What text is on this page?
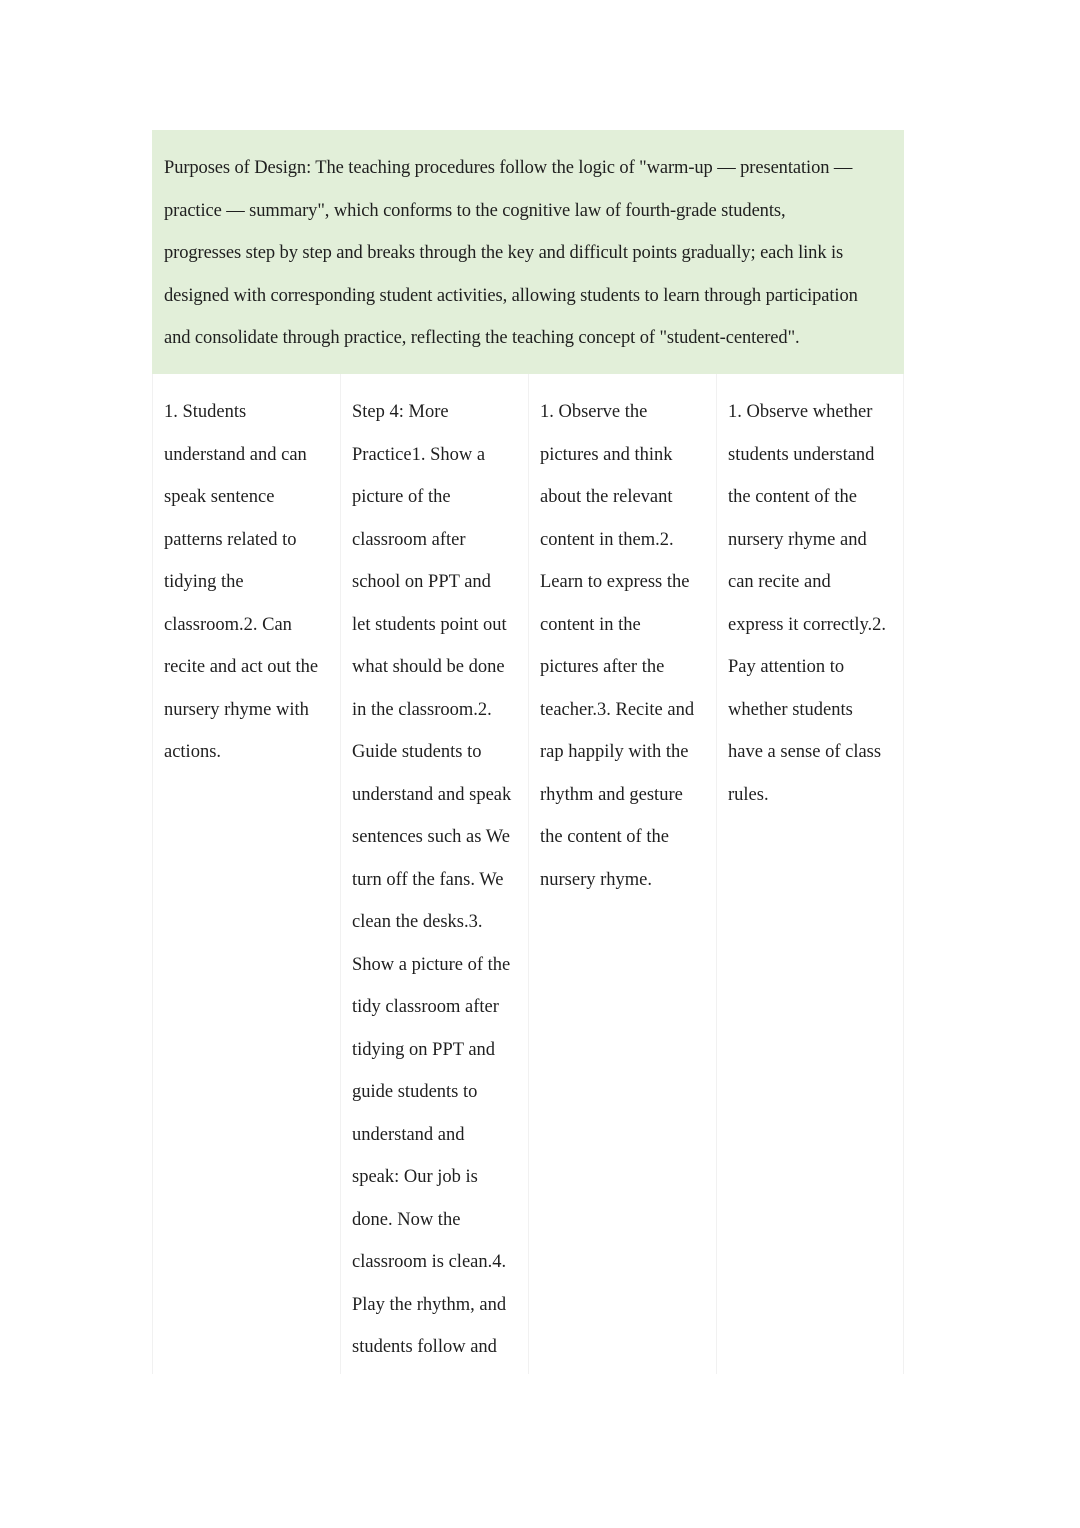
Purposes of Design: The teaching procedures follow the logic of "warm-up — presentation —
practice — summary", which conforms to the cognitive law of fourth-grade students,
progresses step by step and breaks through the key and difficult points gradually; each link is
designed with corresponding student activities, allowing students to learn through participation
and consolidate through practice, reflecting the teaching concept of "student-centered".
1. Students
understand and can
speak sentence
patterns related to
tidying the
classroom.2. Can
recite and act out the
nursery rhyme with
actions.
Step 4: More
Practice1. Show a
picture of the
classroom after
school on PPT and
let students point out
what should be done
in the classroom.2.
Guide students to
understand and speak
sentences such as We
turn off the fans. We
clean the desks.3.
Show a picture of the
tidy classroom after
tidying on PPT and
guide students to
understand and
speak: Our job is
done. Now the
classroom is clean.4.
Play the rhythm, and
students follow and
1. Observe the
pictures and think
about the relevant
content in them.2.
Learn to express the
content in the
pictures after the
teacher.3. Recite and
rap happily with the
rhythm and gesture
the content of the
nursery rhyme.
1. Observe whether
students understand
the content of the
nursery rhyme and
can recite and
express it correctly.2.
Pay attention to
whether students
have a sense of class
rules.
